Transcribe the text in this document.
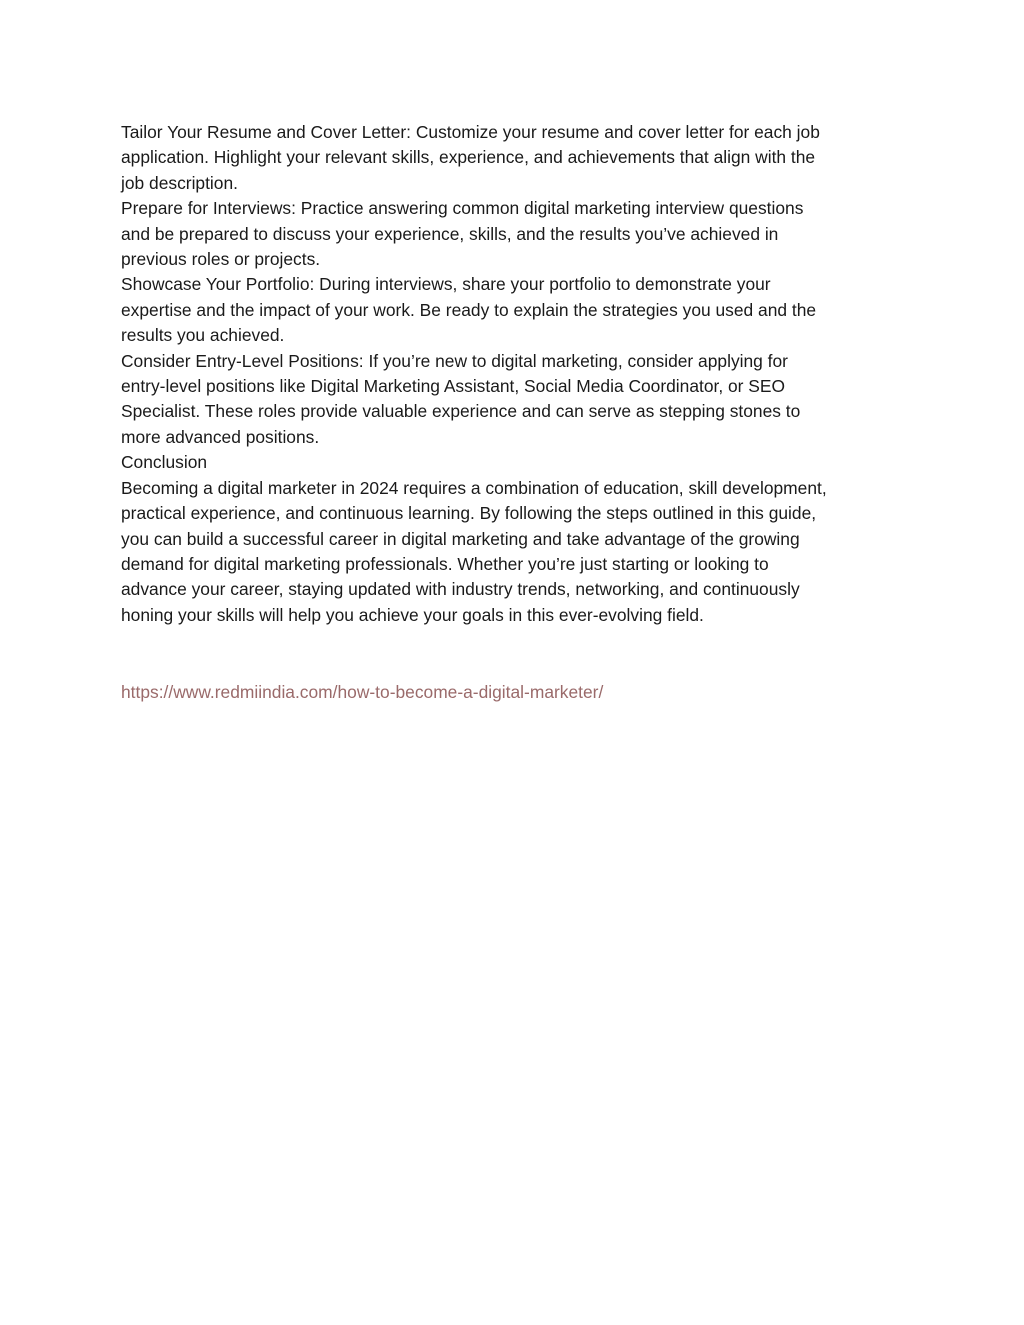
Tailor Your Resume and Cover Letter: Customize your resume and cover letter for each job
application. Highlight your relevant skills, experience, and achievements that align with the
job description.
Prepare for Interviews: Practice answering common digital marketing interview questions
and be prepared to discuss your experience, skills, and the results you’ve achieved in
previous roles or projects.
Showcase Your Portfolio: During interviews, share your portfolio to demonstrate your
expertise and the impact of your work. Be ready to explain the strategies you used and the
results you achieved.
Consider Entry-Level Positions: If you’re new to digital marketing, consider applying for
entry-level positions like Digital Marketing Assistant, Social Media Coordinator, or SEO
Specialist. These roles provide valuable experience and can serve as stepping stones to
more advanced positions.
Conclusion
Becoming a digital marketer in 2024 requires a combination of education, skill development,
practical experience, and continuous learning. By following the steps outlined in this guide,
you can build a successful career in digital marketing and take advantage of the growing
demand for digital marketing professionals. Whether you’re just starting or looking to
advance your career, staying updated with industry trends, networking, and continuously
honing your skills will help you achieve your goals in this ever-evolving field.
https://www.redmiindia.com/how-to-become-a-digital-marketer/
